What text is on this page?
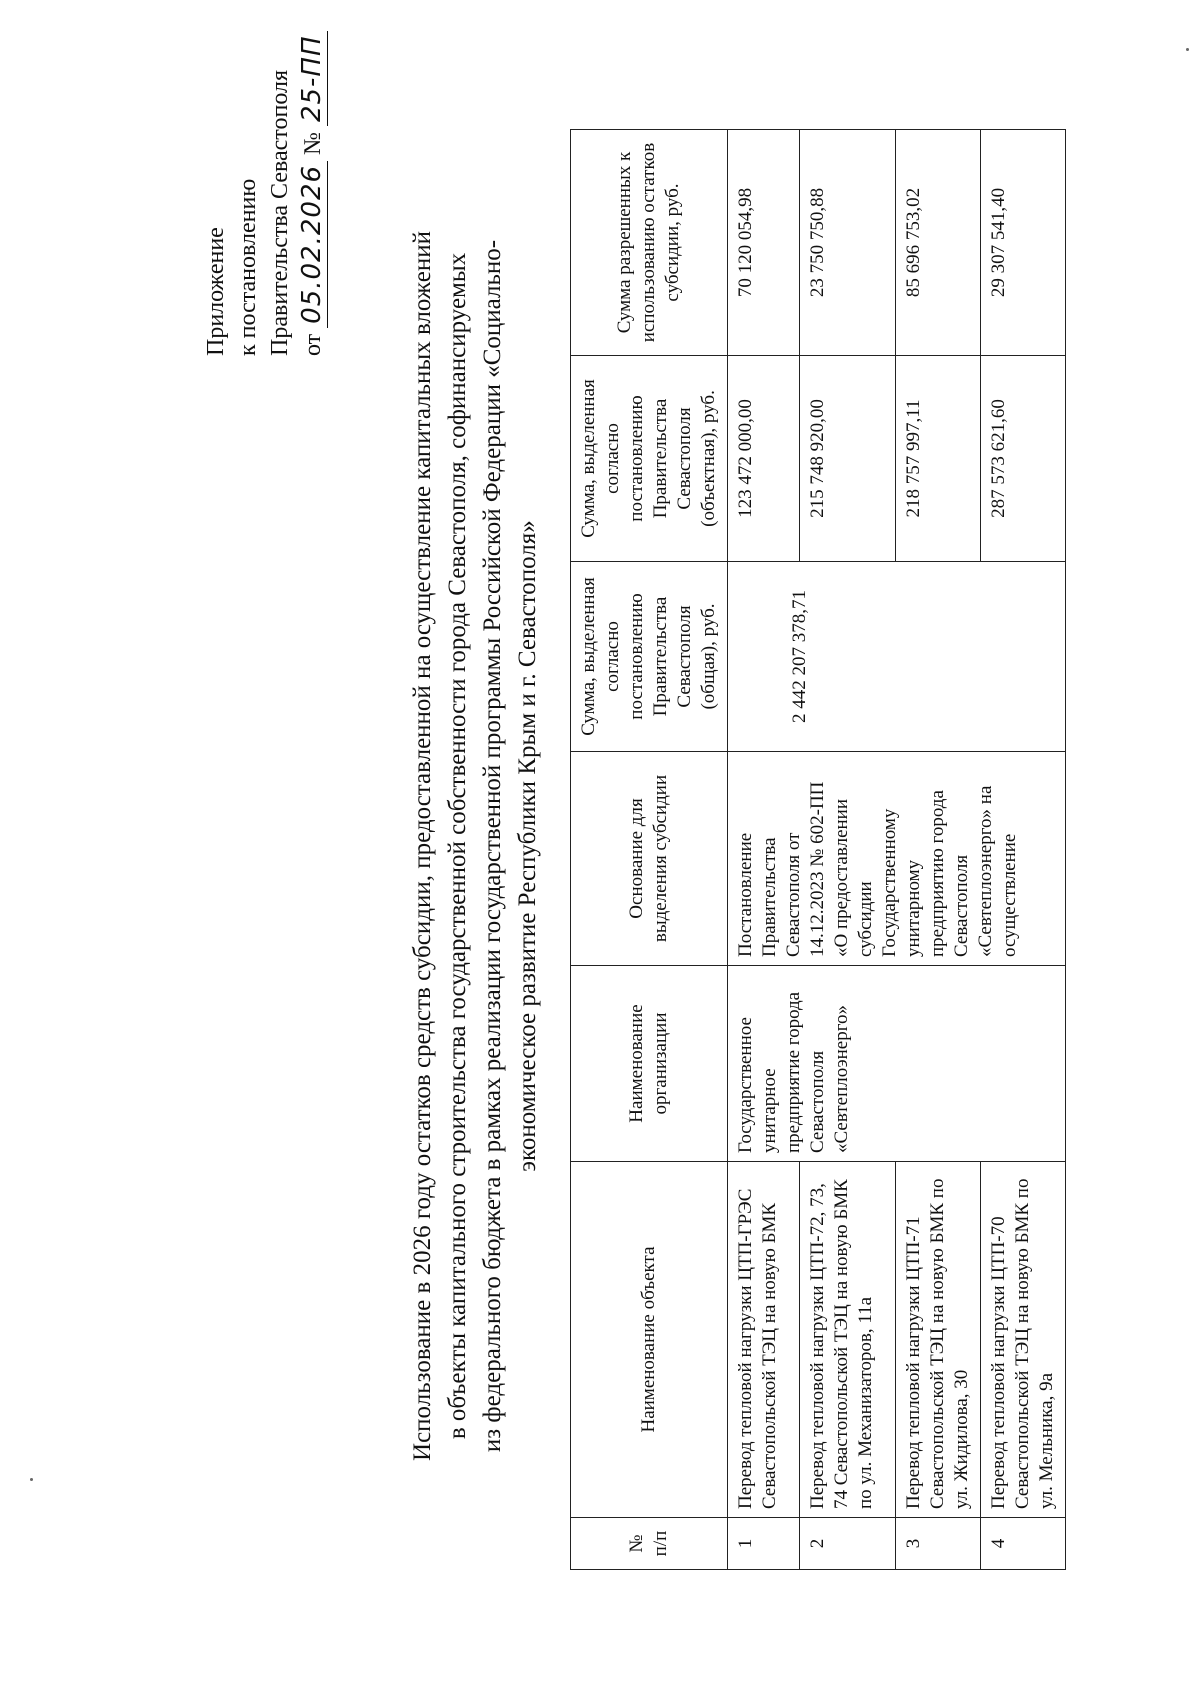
Приложение к постановлению Правительства Севастополя от 05.02.2026 № 25-ПП
Использование в 2026 году остатков средств субсидии, предоставленной на осуществление капитальных вложений в объекты капитального строительства государственной собственности города Севастополя, софинансируемых из федерального бюджета в рамках реализации государственной программы Российской Федерации «Социально- экономическое развитие Республики Крым и г. Севастополя»
№ п/п	Наименование объекта	Наименование организации	Основание для выделения субсидии	Сумма, выделенная согласно постановлению Правительства Севастополя (общая), руб.	Сумма, выделенная согласно постановлению Правительства Севастополя (объектная), руб.	Сумма разрешенных к использованию остатков субсидии, руб.
1	Перевод тепловой нагрузки ЦТП-ГРЭС Севастопольской ТЭЦ на новую БМК	Государственное унитарное предприятие города Севастополя «Севтеплоэнерго»	Постановление Правительства Севастополя от 14.12.2023 № 602-ПП «О предоставлении субсидии Государственному унитарному предприятию города Севастополя «Севтеплоэнерго» на осуществление	2 442 207 378,71	123 472 000,00	70 120 054,98
2	Перевод тепловой нагрузки ЦТП-72, 73, 74 Севастопольской ТЭЦ на новую БМК по ул. Механизаторов, 11а				215 748 920,00	23 750 750,88
3	Перевод тепловой нагрузки ЦТП-71 Севастопольской ТЭЦ на новую БМК по ул. Жидилова, 30				218 757 997,11	85 696 753,02
4	Перевод тепловой нагрузки ЦТП-70 Севастопольской ТЭЦ на новую БМК по ул. Мельника, 9а				287 573 621,60	29 307 541,40
